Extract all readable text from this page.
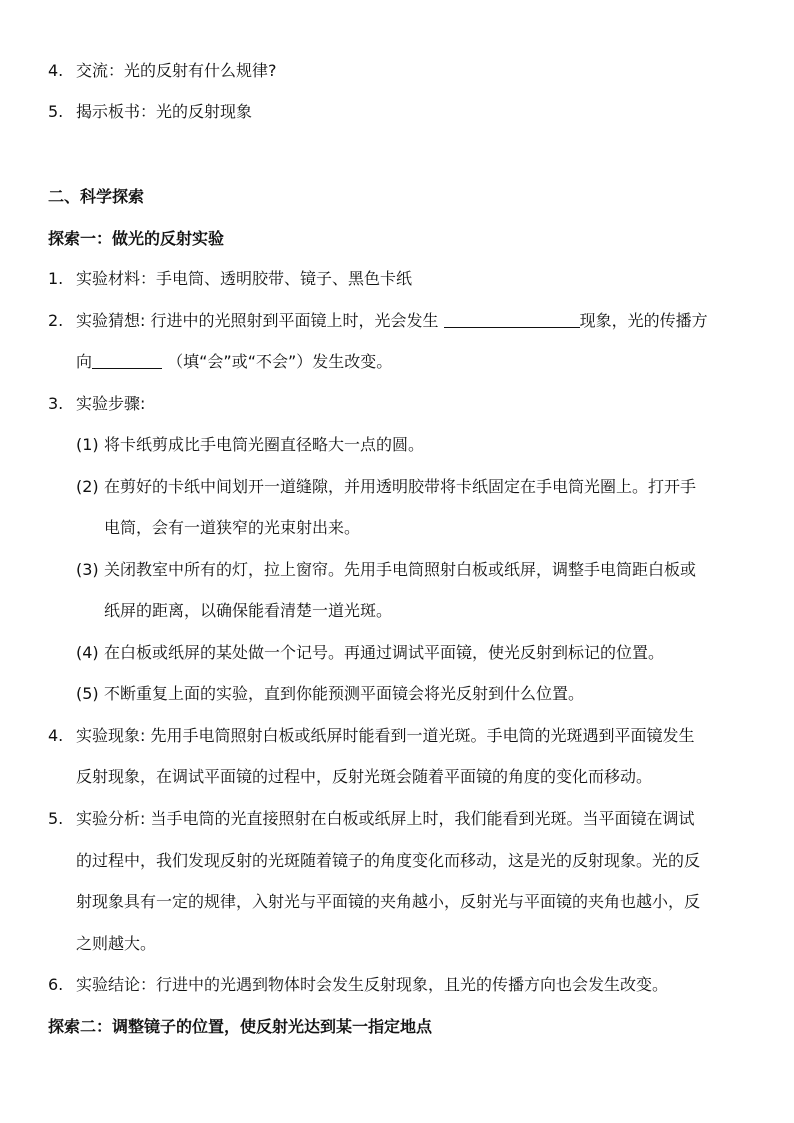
4. 交流：光的反射有什么规律?
5. 揭示板书：光的反射现象
二、科学探索
探索一：做光的反射实验
1. 实验材料：手电筒、透明胶带、镜子、黑色卡纸
2. 实验猜想: 行进中的光照射到平面镜上时，光会发生	现象，光的传播方
向	（填“会”或“不会”）发生改变。
3. 实验步骤:
(1) 将卡纸剪成比手电筒光圈直径略大一点的圆。
(2) 在剪好的卡纸中间划开一道缝隙，并用透明胶带将卡纸固定在手电筒光圈上。打开手
电筒，会有一道狭窄的光束射出来。
(3) 关闭教室中所有的灯，拉上窗帘。先用手电筒照射白板或纸屏，调整手电筒距白板或
纸屏的距离，以确保能看清楚一道光斑。
(4) 在白板或纸屏的某处做一个记号。再通过调试平面镜，使光反射到标记的位置。
(5) 不断重复上面的实验，直到你能预测平面镜会将光反射到什么位置。
4. 实验现象: 先用手电筒照射白板或纸屏时能看到一道光斑。手电筒的光斑遇到平面镜发生
反射现象，在调试平面镜的过程中，反射光斑会随着平面镜的角度的变化而移动。
5. 实验分析: 当手电筒的光直接照射在白板或纸屏上时，我们能看到光斑。当平面镜在调试
的过程中，我们发现反射的光斑随着镜子的角度变化而移动，这是光的反射现象。光的反
射现象具有一定的规律，入射光与平面镜的夹角越小，反射光与平面镜的夹角也越小，反
之则越大。
6. 实验结论：行进中的光遇到物体时会发生反射现象，且光的传播方向也会发生改变。
探索二：调整镜子的位置，使反射光达到某一指定地点
